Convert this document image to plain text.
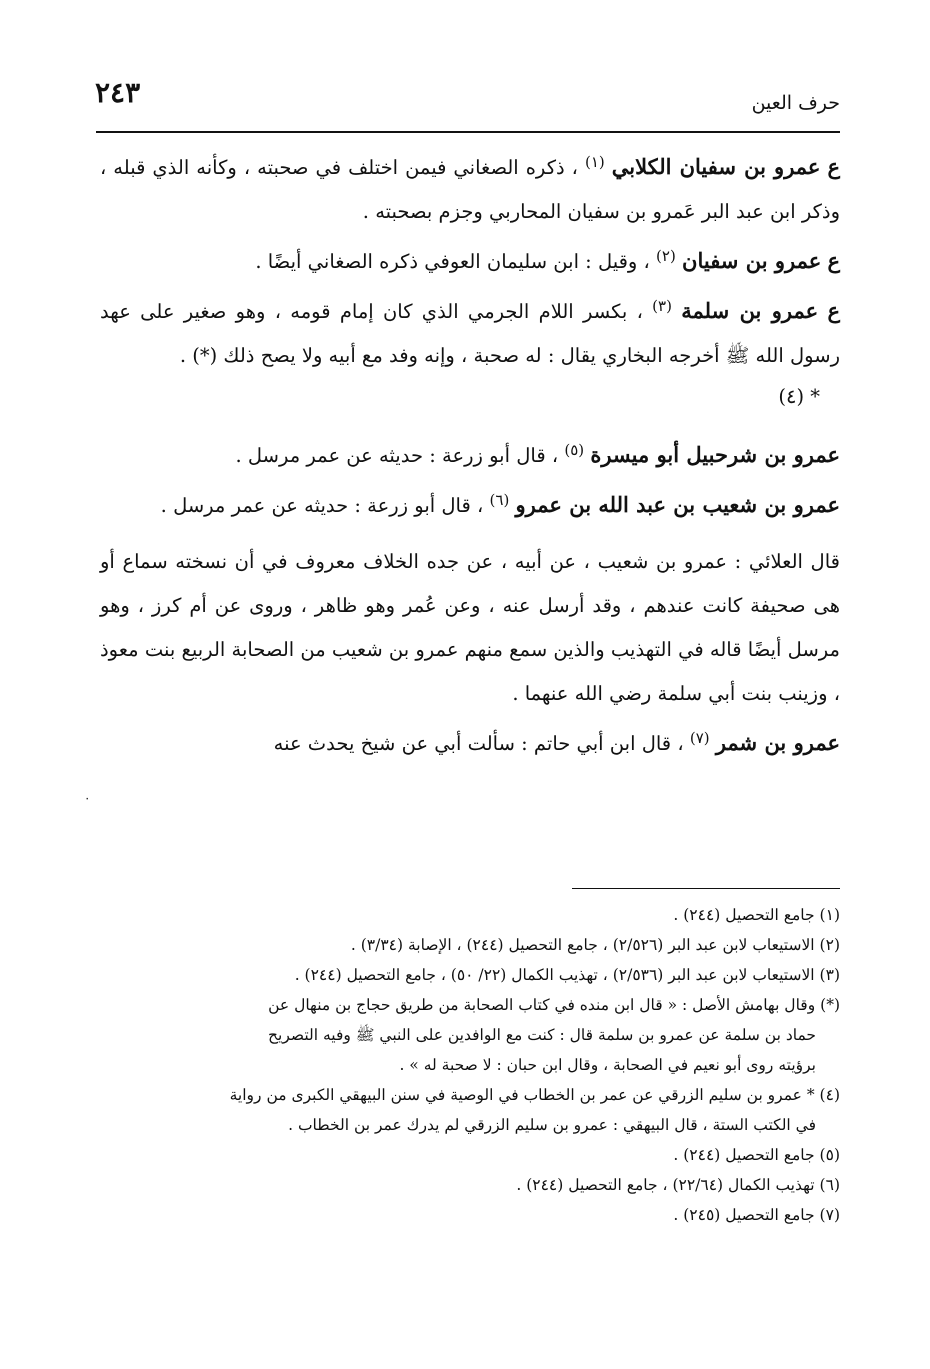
٢٤٣	حرف العين

ع عمرو بن سفيان الكلابي $^{(١)}$ ، ذكره الصغاني فيمن اختلف في صحبته ، وكأنه الذي قبله ، وذكر ابن عبد البر عَمرو بن سفيان المحاربي وجزم بصحبته .

ع عمرو بن سفيان $^{(٢)}$ ، وقيل : ابن سليمان العوفي ذكره الصغاني أيضًا .

ع عمرو بن سلمة $^{(٣)}$ ، بكسر اللام الجرمي الذي كان إمام قومه ، وهو صغير على عهد رسول الله ﷺ أخرجه البخاري يقال : له صحبة ، وإنه وفد مع أبيه ولا يصح ذلك (*) .

* (٤)

عمرو بن شرحبيل أبو ميسرة $^{(٥)}$ ، قال أبو زرعة : حديثه عن عمر مرسل .

عمرو بن شعيب بن عبد الله بن عمرو $^{(٦)}$ ، قال أبو زرعة : حديثه عن عمر مرسل .

قال العلائي : عمرو بن شعيب ، عن أبيه ، عن جده الخلاف معروف في أن نسخته سماع أو هى صحيفة كانت عندهم ، وقد أرسل عنه ، وعن عُمر وهو ظاهر ، وروى عن أم كرز ، وهو مرسل أيضًا قاله في التهذيب والذين سمع منهم عمرو بن شعيب من الصحابة الربيع بنت معوذ ، وزينب بنت أبي سلمة رضي الله عنهما .

عمرو بن شمر $^{(٧)}$ ، قال ابن أبي حاتم : سألت أبي عن شيخ يحدث عنه

٠

(١) جامع التحصيل (٢٤٤) .

(٢) الاستيعاب لابن عبد البر (٢/٥٢٦) ، جامع التحصيل (٢٤٤) ، الإصابة (٣/٣٤) .

(٣) الاستيعاب لابن عبد البر (٢/٥٣٦) ، تهذيب الكمال (٢٢/ ٥٠) ، جامع التحصيل (٢٤٤) .

(*) وقال بهامش الأصل : « قال ابن منده في كتاب الصحابة من طريق حجاج بن منهال عن
حماد بن سلمة عن عمرو بن سلمة قال : كنت مع الوافدين على النبي ﷺ وفيه التصريح
برؤيته روى أبو نعيم في الصحابة ، وقال ابن حبان : لا صحبة له » .

(٤) * عمرو بن سليم الزرقي عن عمر بن الخطاب في الوصية في سنن البيهقي الكبرى من رواية
في الكتب الستة ، قال البيهقي : عمرو بن سليم الزرقي لم يدرك عمر بن الخطاب .

(٥) جامع التحصيل (٢٤٤) .

(٦) تهذيب الكمال (٢٢/٦٤) ، جامع التحصيل (٢٤٤) .

(٧) جامع التحصيل (٢٤٥) .
